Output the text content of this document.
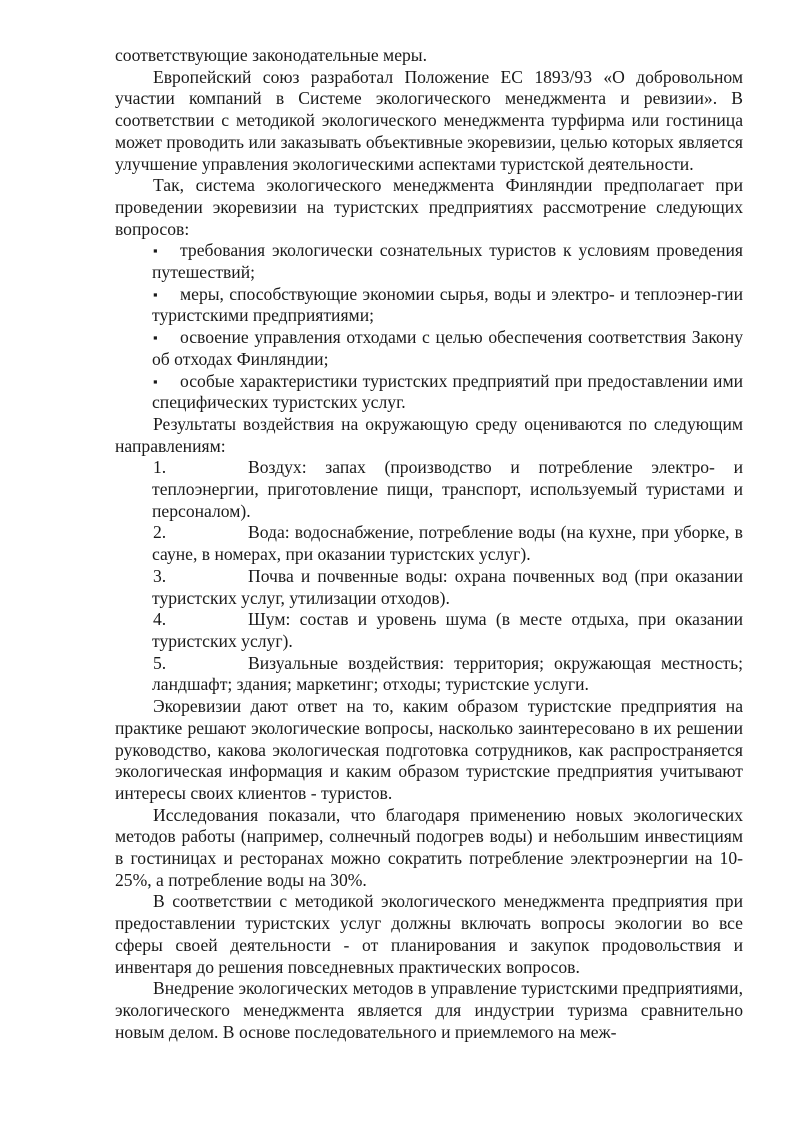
соответствующие законодательные меры.

Европейский союз разработал Положение ЕС 1893/93 «О добровольном участии компаний в Системе экологического менеджмента и ревизии». В соответствии с методикой экологического менеджмента турфирма или гостиница может проводить или заказывать объективные экоревизии, целью которых является улучшение управления экологическими аспектами туристской деятельности.

Так, система экологического менеджмента Финляндии предполагает при проведении экоревизии на туристских предприятиях рассмотрение следующих вопросов:

▪	требования экологически сознательных туристов к условиям проведения путешествий;

▪	меры, способствующие экономии сырья, воды и электро- и теплоэнер-гии туристскими предприятиями;

▪	освоение управления отходами с целью обеспечения соответствия Закону об отходах Финляндии;

▪	особые характеристики туристских предприятий при предоставлении ими специфических туристских услуг.

Результаты воздействия на окружающую среду оцениваются по следующим направлениям:

1.	Воздух: запах (производство и потребление электро- и теплоэнергии, приготовление пищи, транспорт, используемый туристами и персоналом).

2.	Вода: водоснабжение, потребление воды (на кухне, при уборке, в сауне, в номерах, при оказании туристских услуг).

3.	Почва и почвенные воды: охрана почвенных вод (при оказании туристских услуг, утилизации отходов).

4.	Шум: состав и уровень шума (в месте отдыха, при оказании туристских услуг).

5.	Визуальные воздействия: территория; окружающая местность; ландшафт; здания; маркетинг; отходы; туристские услуги.

Экоревизии дают ответ на то, каким образом туристские предприятия на практике решают экологические вопросы, насколько заинтересовано в их решении руководство, какова экологическая подготовка сотрудников, как распространяется экологическая информация и каким образом туристские предприятия учитывают интересы своих клиентов - туристов.

Исследования показали, что благодаря применению новых экологических методов работы (например, солнечный подогрев воды) и небольшим инвестициям в гостиницах и ресторанах можно сократить потребление электроэнергии на 10-25%, а потребление воды на 30%.

В соответствии с методикой экологического менеджмента предприятия при предоставлении туристских услуг должны включать вопросы экологии во все сферы своей деятельности - от планирования и закупок продовольствия и инвентаря до решения повседневных практических вопросов.

Внедрение экологических методов в управление туристскими предприятиями, экологического менеджмента является для индустрии туризма сравнительно новым делом. В основе последовательного и приемлемого на меж-
